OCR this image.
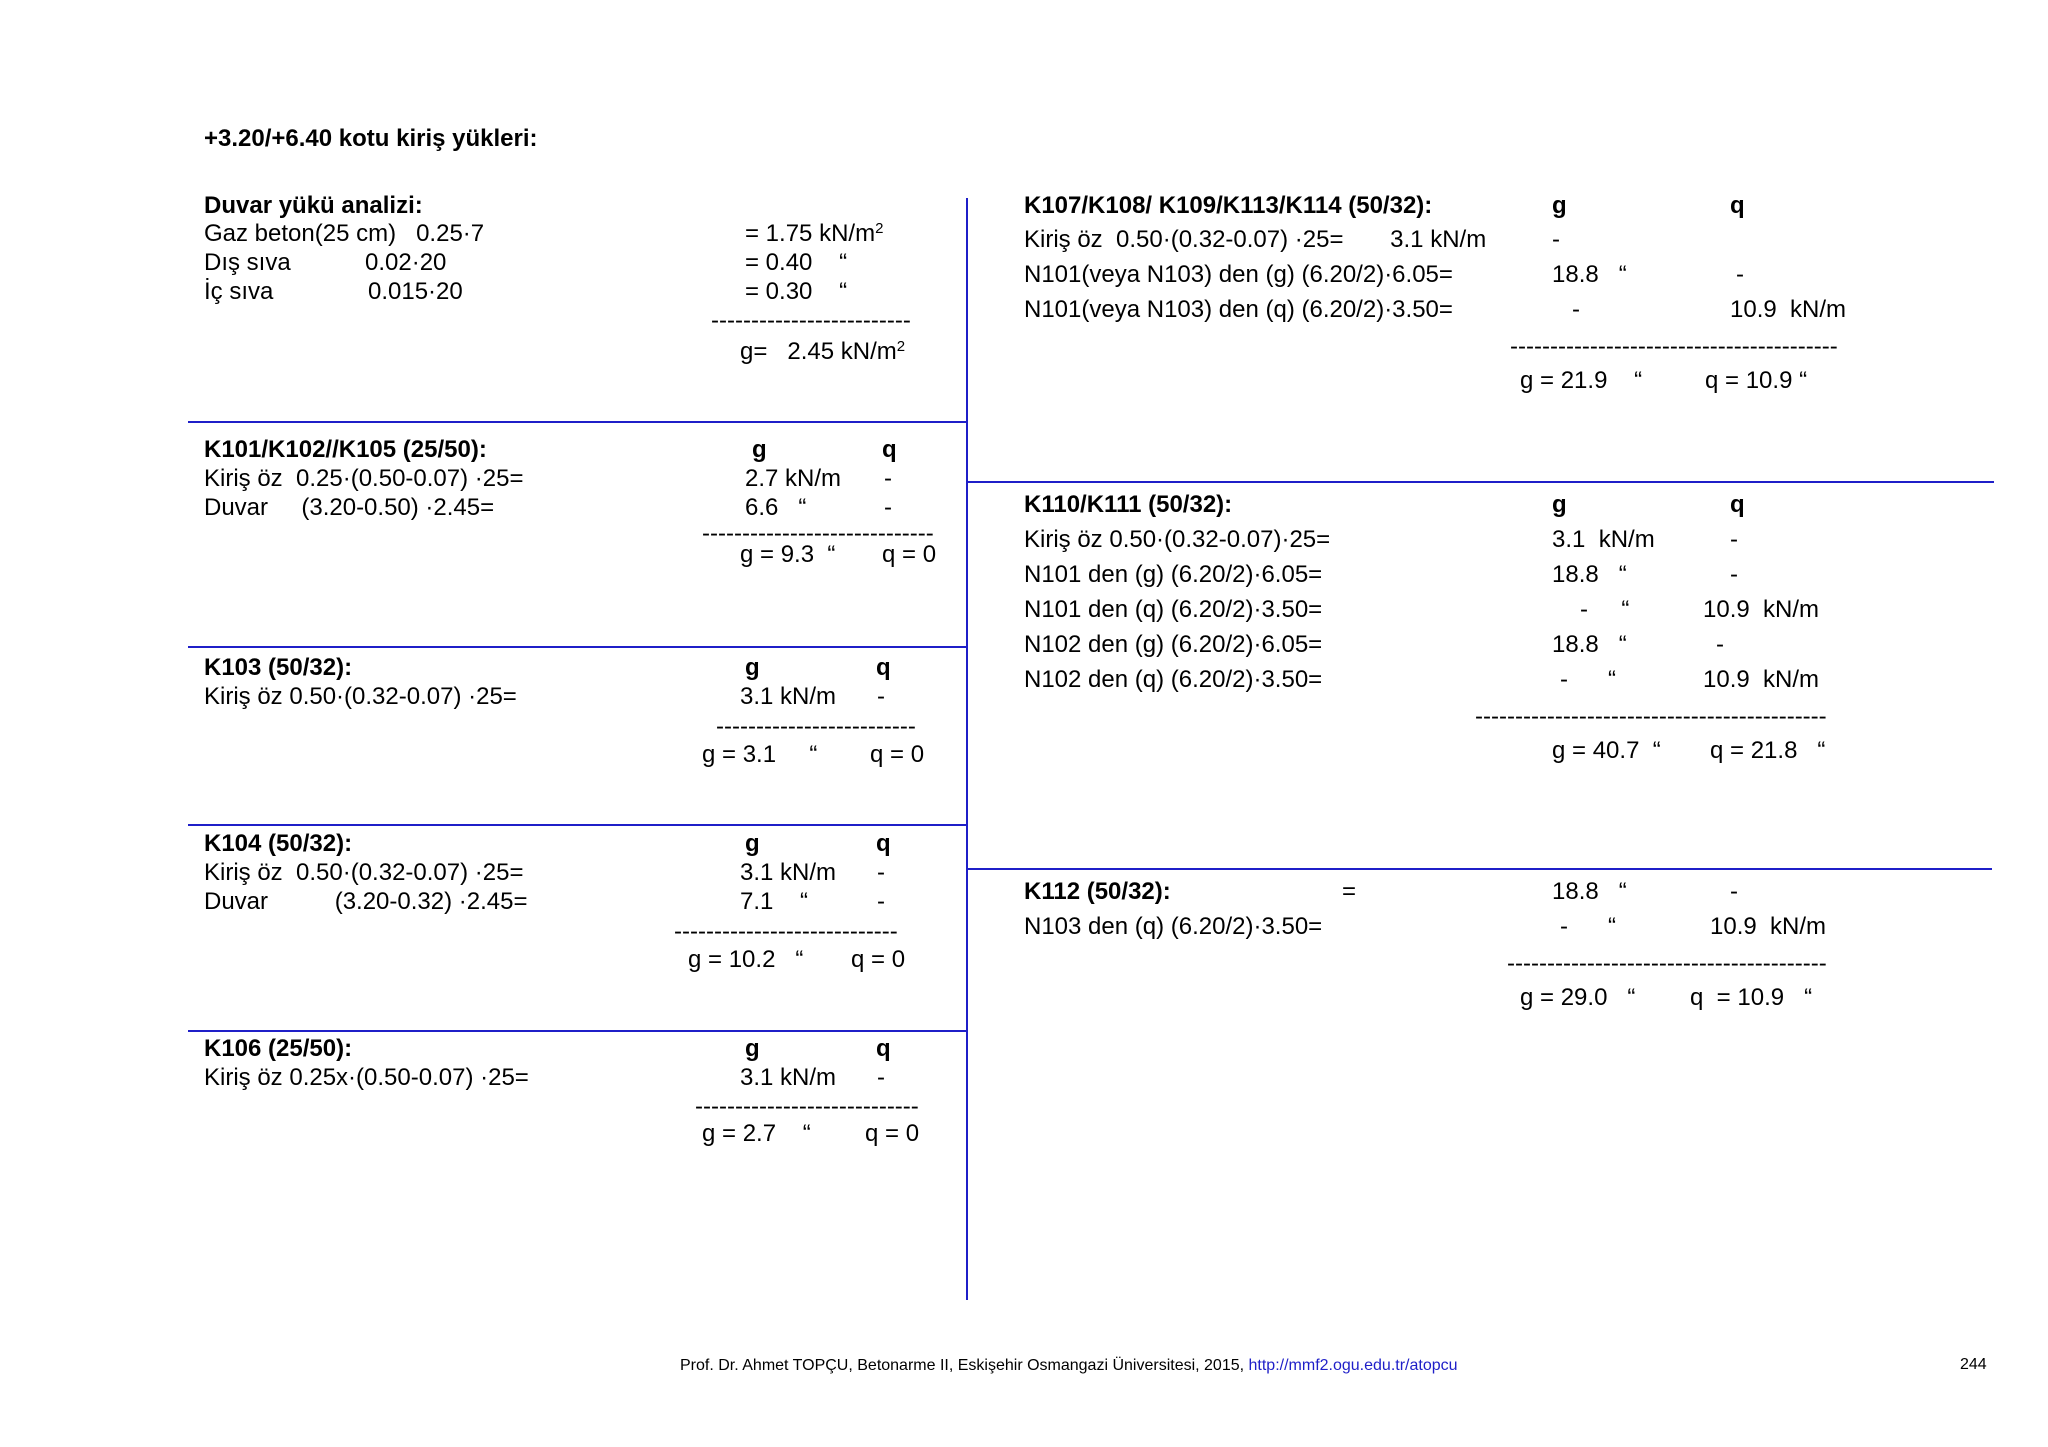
+3.20/+6.40 kotu kiriş yükleri:
Duvar yükü analizi:
Gaz beton(25 cm)   0.25·7	= 1.75 $kN/m^2$
Dış sıva	0.02·20	= 0.40    “
İç sıva	0.015·20	= 0.30    “
-------------------------
g=   2.45 $kN/m^2$
K101/K102//K105 (25/50):	g	q
Kiriş öz  0.25·(0.50-0.07) ·25=	2.7 kN/m -
Duvar     (3.20-0.50) ·2.45=	6.6   “	-
-----------------------------
g = 9.3  “ q = 0
K103 (50/32):	g	q
Kiriş öz 0.50·(0.32-0.07) ·25=	3.1 kN/m -
-------------------------
g = 3.1     “ q = 0
K104 (50/32):	g	q
Kiriş öz  0.50·(0.32-0.07) ·25=	3.1 kN/m -
Duvar          (3.20-0.32) ·2.45=	7.1    “	-
----------------------------
g = 10.2   “ q = 0
K106 (25/50):	g	q
Kiriş öz 0.25x·(0.50-0.07) ·25=	3.1 kN/m -
----------------------------
g = 2.7    “ q = 0
K107/K108/ K109/K113/K114 (50/32):	g	q
Kiriş öz  0.50·(0.32-0.07) ·25=       3.1 kN/m	-
N101(veya N103) den (g) (6.20/2)·6.05=	18.8   “	-
N101(veya N103) den (q) (6.20/2)·3.50=	-	10.9  kN/m
-----------------------------------------
g = 21.9    “	q = 10.9 “
K110/K111 (50/32):	g	q
Kiriş öz 0.50·(0.32-0.07)·25=	3.1  kN/m	-
N101 den (g) (6.20/2)·6.05=	18.8   “	-
N101 den (q) (6.20/2)·3.50=	-     “	10.9  kN/m
N102 den (g) (6.20/2)·6.05=	18.8   “	-
N102 den (q) (6.20/2)·3.50=	-      “	10.9  kN/m
--------------------------------------------
g = 40.7  “ q = 21.8   “
K112 (50/32):	=	18.8   “	-
N103 den (q) (6.20/2)·3.50=	-      “	10.9  kN/m
----------------------------------------
g = 29.0   “ q  = 10.9   “
Prof. Dr. Ahmet TOPÇU, Betonarme II, Eskişehir Osmangazi Üniversitesi, 2015, http://mmf2.ogu.edu.tr/atopcu	244
